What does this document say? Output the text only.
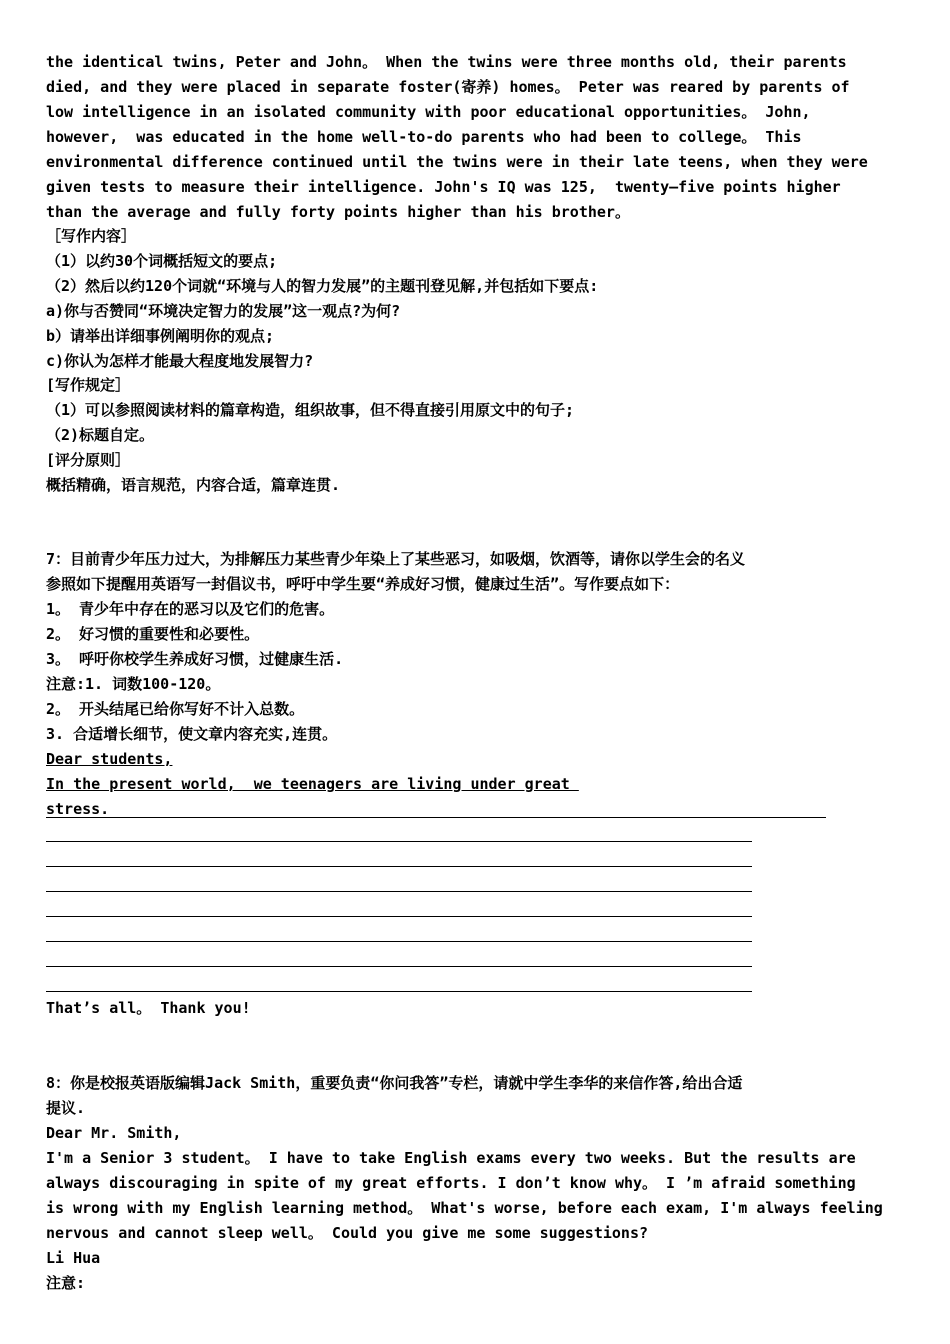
the identical twins, Peter and John。 When the twins were three months old, their parents

died, and they were placed in separate foster(寄养) homes。 Peter was reared by parents of

low intelligence in an isolated community with poor educational opportunities。 John,

however,  was educated in the home well-to-do parents who had been to college。 This

environmental difference continued until the twins were in their late teens, when they were

given tests to measure their intelligence. John's IQ was 125,  twenty—five points higher

than the average and fully forty points higher than his brother。

［写作内容］

（1）以约30个词概括短文的要点;

（2）然后以约120个词就“环境与人的智力发展”的主题刊登见解,并包括如下要点:

a)你与否赞同“环境决定智力的发展”这一观点?为何?

b）请举出详细事例阐明你的观点;

c)你认为怎样才能最大程度地发展智力?

[写作规定］

（1）可以参照阅读材料的篇章构造，组织故事，但不得直接引用原文中的句子;

（2)标题自定。

[评分原则］

概括精确，语言规范，内容合适，篇章连贯.

7：目前青少年压力过大，为排解压力某些青少年染上了某些恶习，如吸烟，饮酒等，请你以学生会的名义

参照如下提醒用英语写一封倡议书，呼吁中学生要“养成好习惯，健康过生活”。写作要点如下：

1。 青少年中存在的恶习以及它们的危害。

2。 好习惯的重要性和必要性。

3。 呼吁你校学生养成好习惯，过健康生活.

注意:1. 词数100-120。

2。 开头结尾已给你写好不计入总数。

3. 合适增长细节，使文章内容充实,连贯。

Dear students,

In the present world,  we teenagers are living under great

stress.

That’s all。 Thank you!

8：你是校报英语版编辑Jack Smith，重要负责“你问我答”专栏，请就中学生李华的来信作答,给出合适

提议.

Dear Mr. Smith,

I'm a Senior 3 student。 I have to take English exams every two weeks. But the results are

always discouraging in spite of my great efforts. I don’t know why。 I ’m afraid something

is wrong with my English learning method。 What's worse, before each exam, I'm always feeling

nervous and cannot sleep well。 Could you give me some suggestions?

Li Hua

注意:
